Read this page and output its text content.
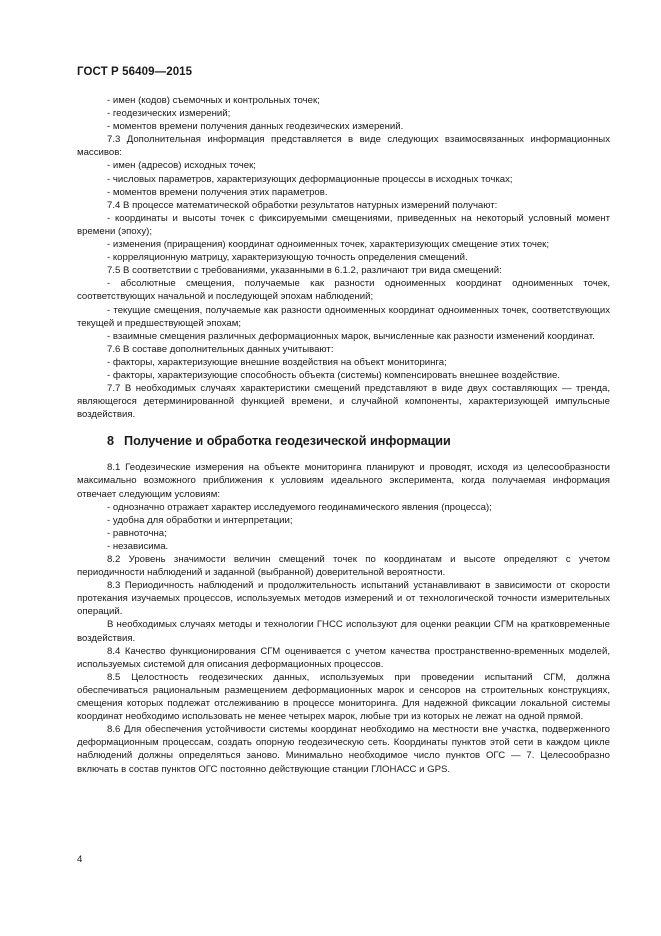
ГОСТ Р 56409—2015

- имен (кодов) съемочных и контрольных точек;

- геодезических измерений;

- моментов времени получения данных геодезических измерений.

7.3 Дополнительная информация представляется в виде следующих взаимосвязанных информационных массивов:

- имен (адресов) исходных точек;

- числовых параметров, характеризующих деформационные процессы в исходных точках;

- моментов времени получения этих параметров.

7.4 В процессе математической обработки результатов натурных измерений получают:

- координаты и высоты точек с фиксируемыми смещениями, приведенных на некоторый условный момент времени (эпоху);

- изменения (приращения) координат одноименных точек, характеризующих смещение этих точек;

- корреляционную матрицу, характеризующую точность определения смещений.

7.5 В соответствии с требованиями, указанными в 6.1.2, различают три вида смещений:

- абсолютные смещения, получаемые как разности одноименных координат одноименных точек, соответствующих начальной и последующей эпохам наблюдений;

- текущие смещения, получаемые как разности одноименных координат одноименных точек, соответствующих текущей и предшествующей эпохам;

- взаимные смещения различных деформационных марок, вычисленные как разности изменений координат.

7.6 В составе дополнительных данных учитывают:

- факторы, характеризующие внешние воздействия на объект мониторинга;

- факторы, характеризующие способность объекта (системы) компенсировать внешнее воздействие.

7.7 В необходимых случаях характеристики смещений представляют в виде двух составляющих — тренда, являющегося детерминированной функцией времени, и случайной компоненты, характеризующей импульсные воздействия.

8 Получение и обработка геодезической информации

8.1 Геодезические измерения на объекте мониторинга планируют и проводят, исходя из целесообразности максимально возможного приближения к условиям идеального эксперимента, когда получаемая информация отвечает следующим условиям:

- однозначно отражает характер исследуемого геодинамического явления (процесса);

- удобна для обработки и интерпретации;

- равноточна;

- независима.

8.2 Уровень значимости величин смещений точек по координатам и высоте определяют с учетом периодичности наблюдений и заданной (выбранной) доверительной вероятности.

8.3 Периодичность наблюдений и продолжительность испытаний устанавливают в зависимости от скорости протекания изучаемых процессов, используемых методов измерений и от технологической точности измерительных операций.

В необходимых случаях методы и технологии ГНСС используют для оценки реакции СГМ на кратковременные воздействия.

8.4 Качество функционирования СГМ оценивается с учетом качества пространственно-временных моделей, используемых системой для описания деформационных процессов.

8.5 Целостность геодезических данных, используемых при проведении испытаний СГМ, должна обеспечиваться рациональным размещением деформационных марок и сенсоров на строительных конструкциях, смещения которых подлежат отслеживанию в процессе мониторинга. Для надежной фиксации локальной системы координат необходимо использовать не менее четырех марок, любые три из которых не лежат на одной прямой.

8.6 Для обеспечения устойчивости системы координат необходимо на местности вне участка, подверженного деформационным процессам, создать опорную геодезическую сеть. Координаты пунктов этой сети в каждом цикле наблюдений должны определяться заново. Минимально необходимое число пунктов ОГС — 7. Целесообразно включать в состав пунктов ОГС постоянно действующие станции ГЛОНАСС и GPS.

4
